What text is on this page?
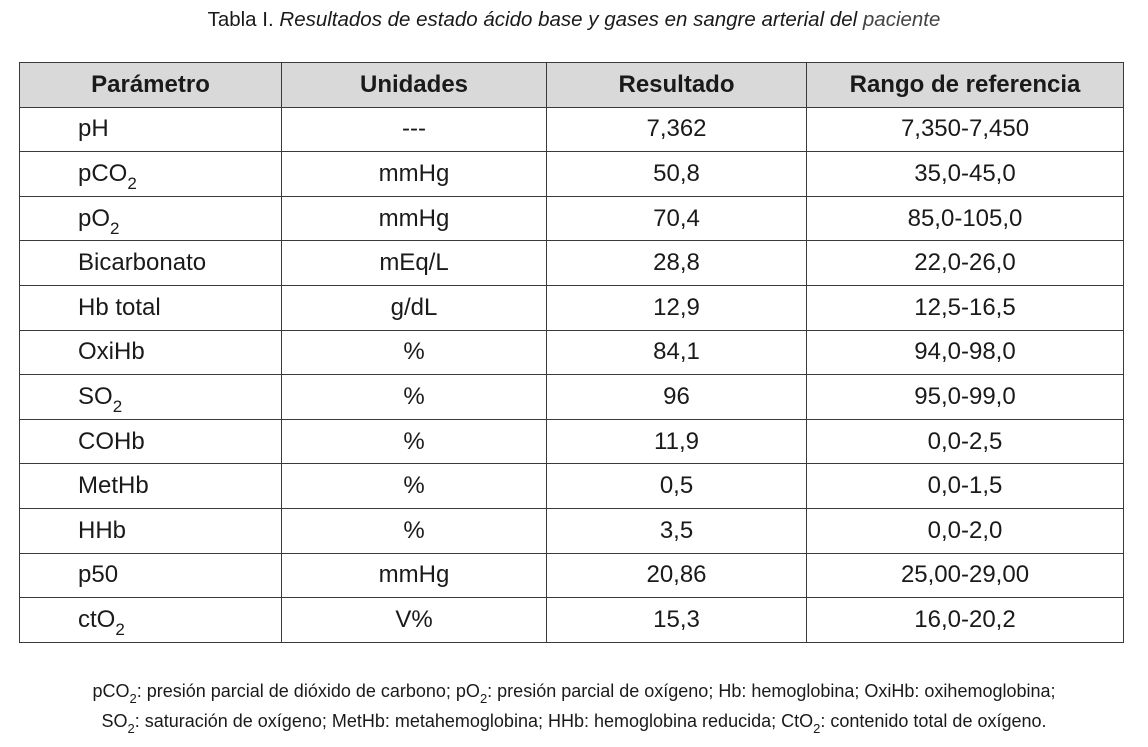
Tabla I. Resultados de estado ácido base y gases en sangre arterial del paciente
Parámetro	Unidades	Resultado	Rango de referencia
pH	---	7,362	7,350-7,450
pCO$_2$	mmHg	50,8	35,0-45,0
$pO_2$	mmHg	70,4	85,0-105,0
Bicarbonato	mEq/L	28,8	22,0-26,0
Hb total	g/dL	12,9	12,5-16,5
OxiHb	%	84,1	94,0-98,0
$SO_2$	%	96	95,0-99,0
COHb	%	11,9	0,0-2,5
MetHb	%	0,5	0,0-1,5
HHb	%	3,5	0,0-2,0
p50	mmHg	20,86	25,00-29,00
ctO$_2$	V%	15,3	16,0-20,2
pCO$_2$: presión parcial de dióxido de carbono; $pO_2$: presión parcial de oxígeno; Hb: hemoglobina; OxiHb: oxihemoglobina;
$SO_2$: saturación de oxígeno; MetHb: metahemoglobina; HHb: hemoglobina reducida; CtO$_2$: contenido total de oxígeno.
